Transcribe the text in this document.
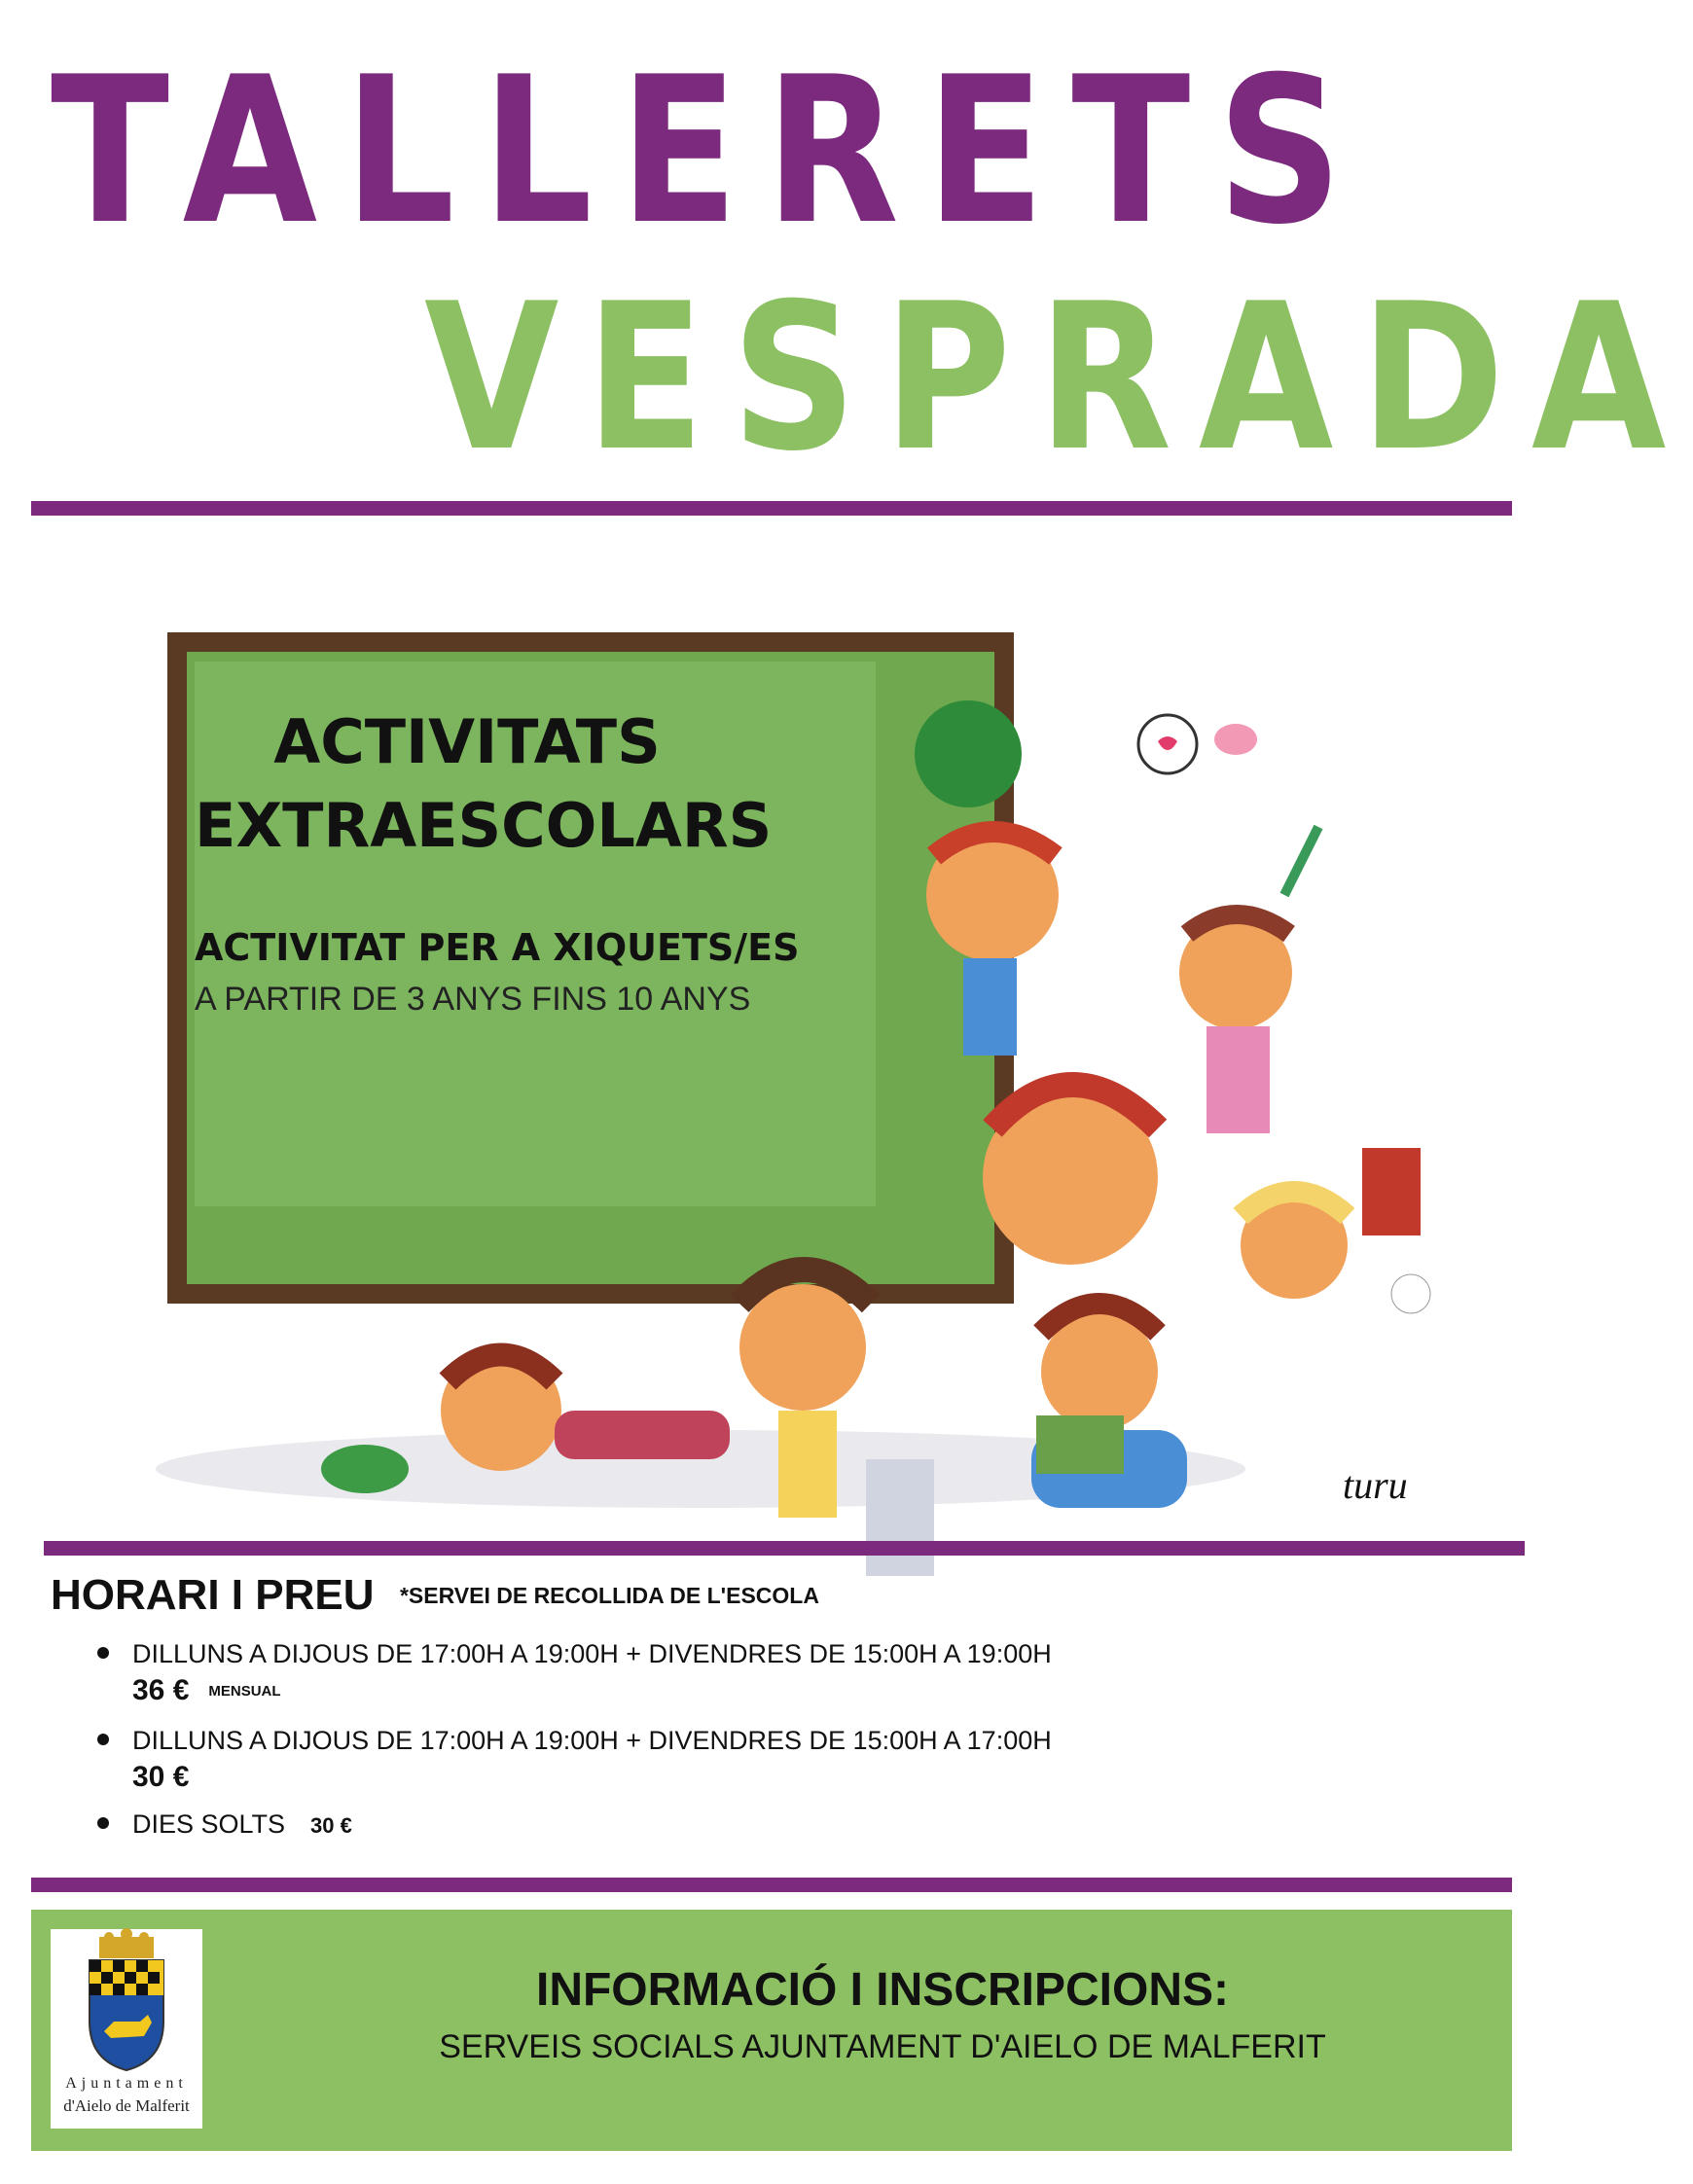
TALLERETS
VESPRADA
turu
ACTIVITATS EXTRAESCOLARS
ACTIVITAT PER A XIQUETS/ES
A PARTIR DE 3 ANYS FINS 10 ANYS
HORARI I PREU *SERVEI DE RECOLLIDA DE L'ESCOLA
DILLUNS A DIJOUS DE 17:00H A 19:00H + DIVENDRES DE 15:00H A 19:00H
36 € MENSUAL
DILLUNS A DIJOUS DE 17:00H A 19:00H + DIVENDRES DE 15:00H A 17:00H
30 €
DIES SOLTS 30 €
Ajuntament
d'Aielo de Malferit
INFORMACIÓ I INSCRIPCIONS:
SERVEIS SOCIALS AJUNTAMENT D'AIELO DE MALFERIT
